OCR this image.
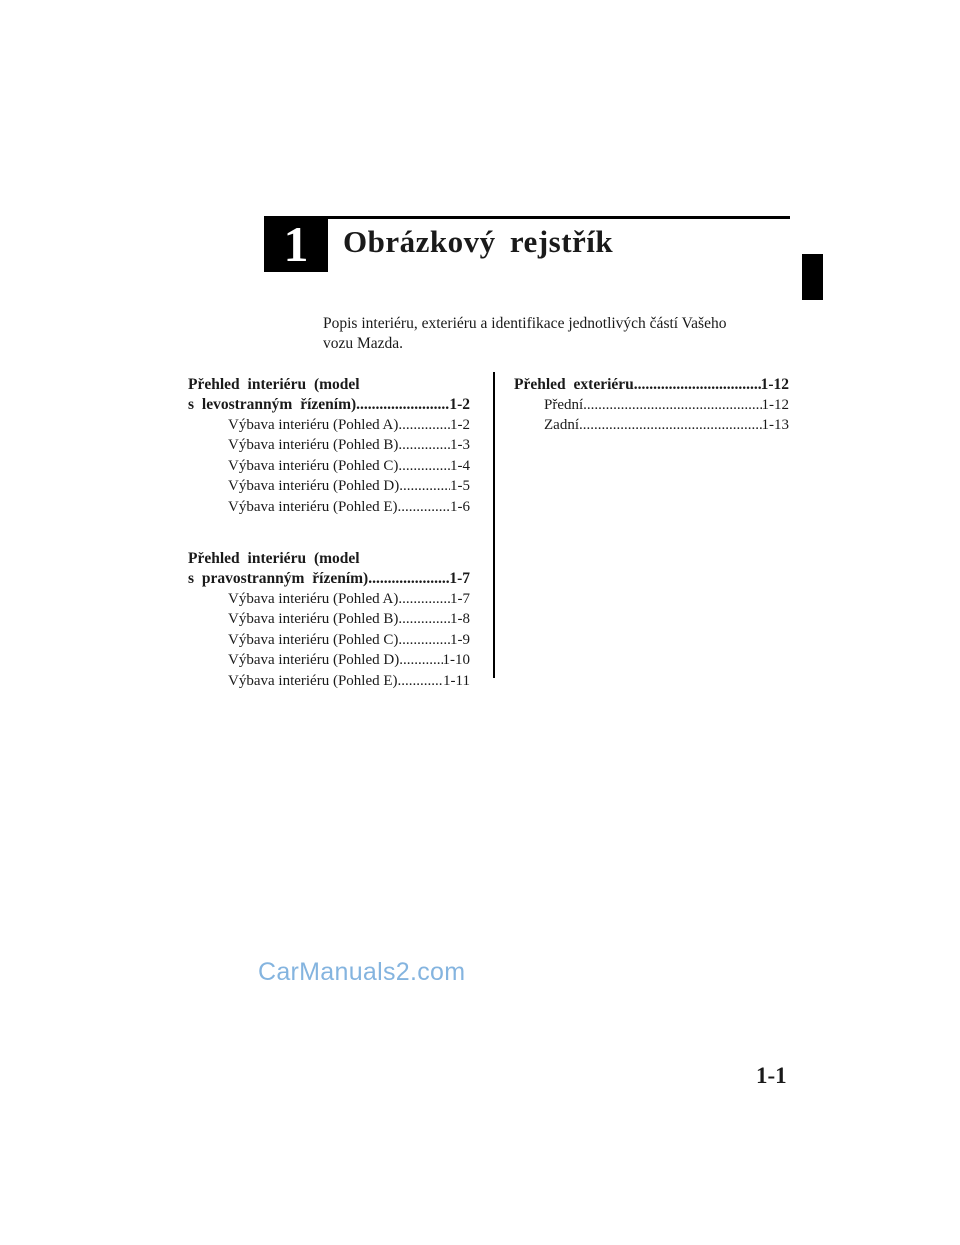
1 Obrázkový rejstřík
Popis interiéru, exteriéru a identifikace jednotlivých částí Vašeho
vozu Mazda.
Přehled interiéru (model
s levostranným řízením) .....	1-2
Výbava interiéru (Pohled A) .....	1-2
Výbava interiéru (Pohled B) .....	1-3
Výbava interiéru (Pohled C) .....	1-4
Výbava interiéru (Pohled D) .....	1-5
Výbava interiéru (Pohled E) .....	1-6
Přehled interiéru (model
s pravostranným řízením) .....	1-7
Výbava interiéru (Pohled A) .....	1-7
Výbava interiéru (Pohled B) .....	1-8
Výbava interiéru (Pohled C) .....	1-9
Výbava interiéru (Pohled D) .....	1-10
Výbava interiéru (Pohled E) .....	1-11
Přehled exteriéru .....	1-12
Přední .....	1-12
Zadní .....	1-13
CarManuals2.com
1-1
